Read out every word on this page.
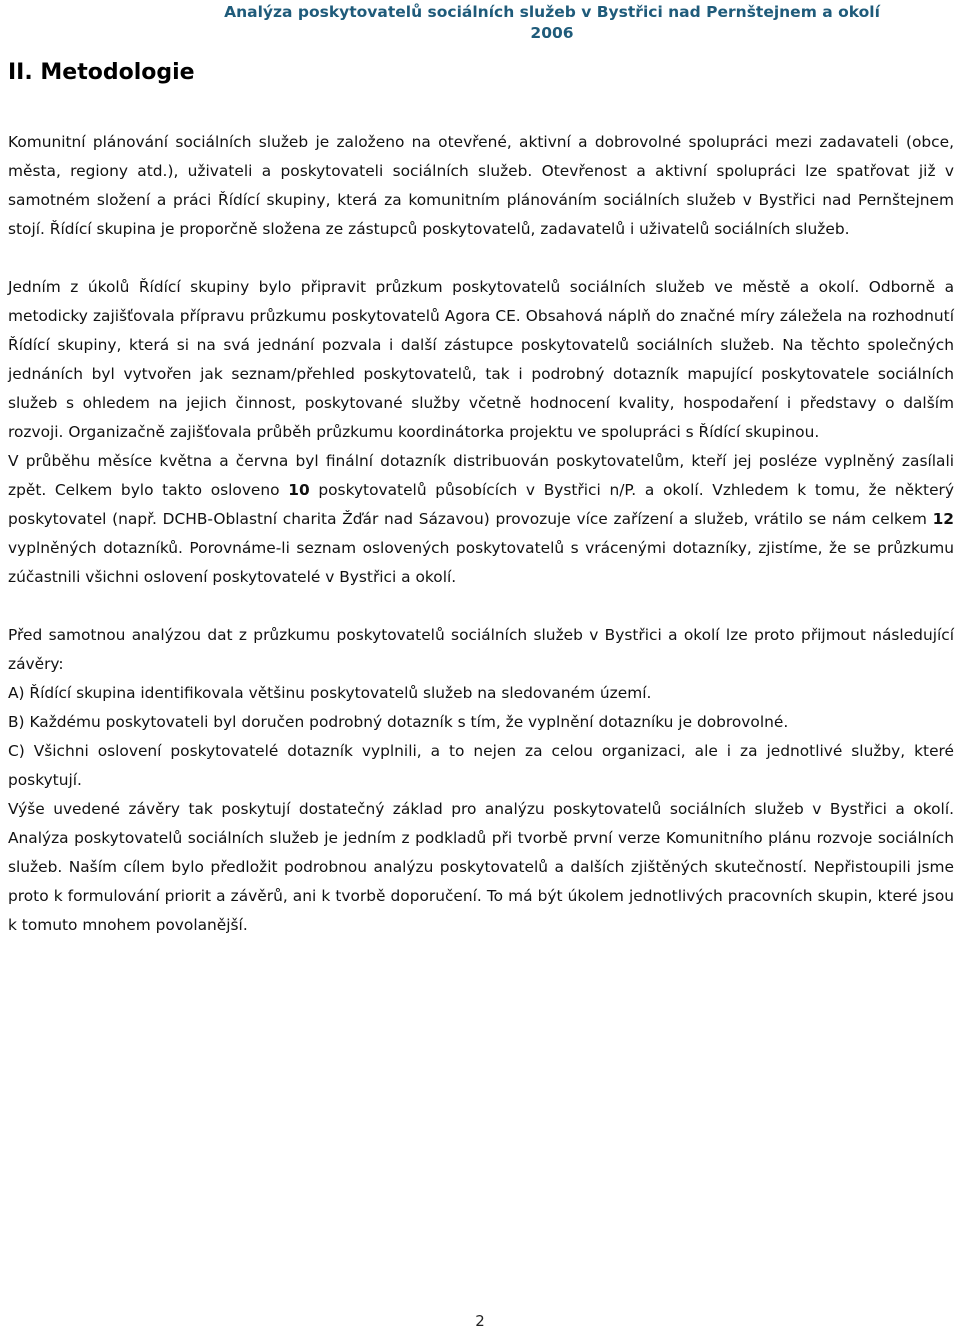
Analýza poskytovatelů sociálních služeb v Bystřici nad Pernštejnem a okolí
2006
II. Metodologie

Komunitní plánování sociálních služeb je založeno na otevřené, aktivní a dobrovolné spolupráci mezi zadavateli (obce, města, regiony atd.), uživateli a poskytovateli sociálních služeb. Otevřenost a aktivní spolupráci lze spatřovat již v samotném složení a práci Řídící skupiny, která za komunitním plánováním sociálních služeb v Bystřici nad Pernštejnem stojí. Řídící skupina je proporčně složena ze zástupců poskytovatelů, zadavatelů i uživatelů sociálních služeb.

Jedním z úkolů Řídící skupiny bylo připravit průzkum poskytovatelů sociálních služeb ve městě a okolí. Odborně a metodicky zajišťovala přípravu průzkumu poskytovatelů Agora CE. Obsahová náplň do značné míry záležela na rozhodnutí Řídící skupiny, která si na svá jednání pozvala i další zástupce poskytovatelů sociálních služeb. Na těchto společných jednáních byl vytvořen jak seznam/přehled poskytovatelů, tak i podrobný dotazník mapující poskytovatele sociálních služeb s ohledem na jejich činnost, poskytované služby včetně hodnocení kvality, hospodaření i představy o dalším rozvoji. Organizačně zajišťovala průběh průzkumu koordinátorka projektu ve spolupráci s Řídící skupinou.

V průběhu měsíce května a června byl finální dotazník distribuován poskytovatelům, kteří jej posléze vyplněný zasílali zpět. Celkem bylo takto osloveno 10 poskytovatelů působících v Bystřici n/P. a okolí. Vzhledem k tomu, že některý poskytovatel (např. DCHB-Oblastní charita Žďár nad Sázavou) provozuje více zařízení a služeb, vrátilo se nám celkem 12 vyplněných dotazníků. Porovnáme-li seznam oslovených poskytovatelů s vrácenými dotazníky, zjistíme, že se průzkumu zúčastnili všichni oslovení poskytovatelé v Bystřici a okolí.

Před samotnou analýzou dat z průzkumu poskytovatelů sociálních služeb v Bystřici a okolí lze proto přijmout následující závěry:

A) Řídící skupina identifikovala většinu poskytovatelů služeb na sledovaném území.

B) Každému poskytovateli byl doručen podrobný dotazník s tím, že vyplnění dotazníku je dobrovolné.

C) Všichni oslovení poskytovatelé dotazník vyplnili, a to nejen za celou organizaci, ale i za jednotlivé služby, které poskytují.

Výše uvedené závěry tak poskytují dostatečný základ pro analýzu poskytovatelů sociálních služeb v Bystřici a okolí. Analýza poskytovatelů sociálních služeb je jedním z podkladů při tvorbě první verze Komunitního plánu rozvoje sociálních služeb. Naším cílem bylo předložit podrobnou analýzu poskytovatelů a dalších zjištěných skutečností. Nepřistoupili jsme proto k formulování priorit a závěrů, ani k tvorbě doporučení. To má být úkolem jednotlivých pracovních skupin, které jsou k tomuto mnohem povolanější.

2
